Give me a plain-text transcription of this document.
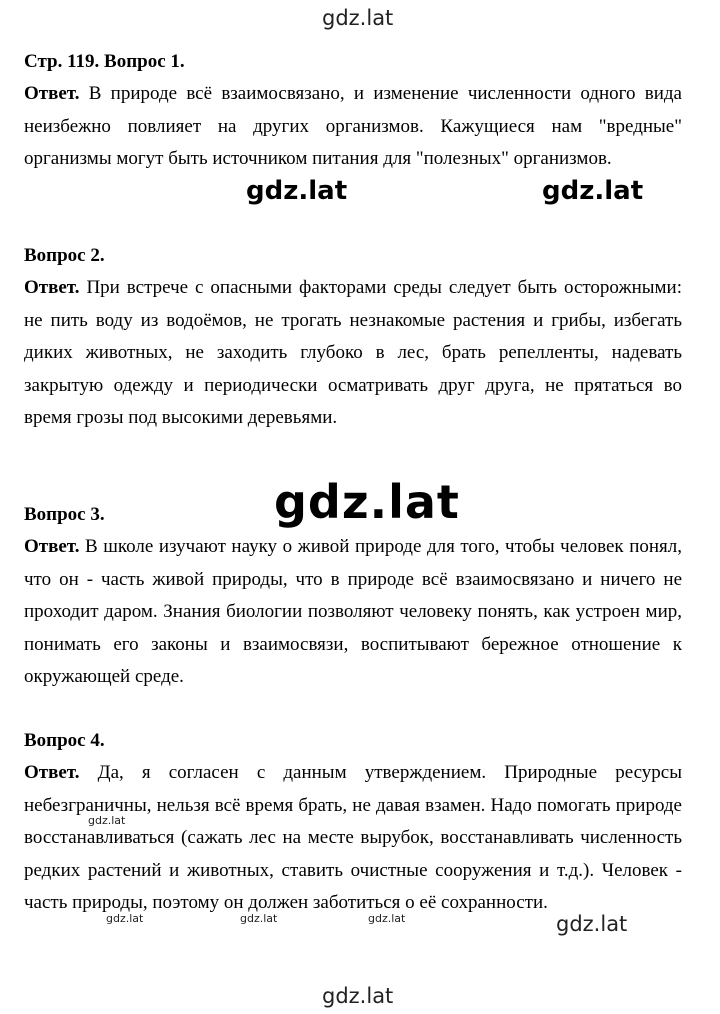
gdz.lat
gdz.lat	gdz.lat
gdz.lat
gdz.lat
gdz.lat	gdz.lat	gdz.lat	gdz.lat
gdz.lat

Стр. 119. Вопрос 1.

Ответ. В природе всё взаимосвязано, и изменение численности одного вида неизбежно повлияет на других организмов. Кажущиеся нам "вредные" организмы могут быть источником питания для "полезных" организмов.

Вопрос 2.

Ответ. При встрече с опасными факторами среды следует быть осторожными: не пить воду из водоёмов, не трогать незнакомые растения и грибы, избегать диких животных, не заходить глубоко в лес, брать репелленты, надевать закрытую одежду и периодически осматривать друг друга, не прятаться во время грозы под высокими деревьями.

Вопрос 3.

Ответ. В школе изучают науку о живой природе для того, чтобы человек понял, что он - часть живой природы, что в природе всё взаимосвязано и ничего не проходит даром. Знания биологии позволяют человеку понять, как устроен мир, понимать его законы и взаимосвязи, воспитывают бережное отношение к окружающей среде.

Вопрос 4.

Ответ. Да, я согласен с данным утверждением. Природные ресурсы небезграничны, нельзя всё время брать, не давая взамен. Надо помогать природе восстанавливаться (сажать лес на месте вырубок, восстанавливать численность редких растений и животных, ставить очистные сооружения и т.д.). Человек - часть природы, поэтому он должен заботиться о её сохранности.
